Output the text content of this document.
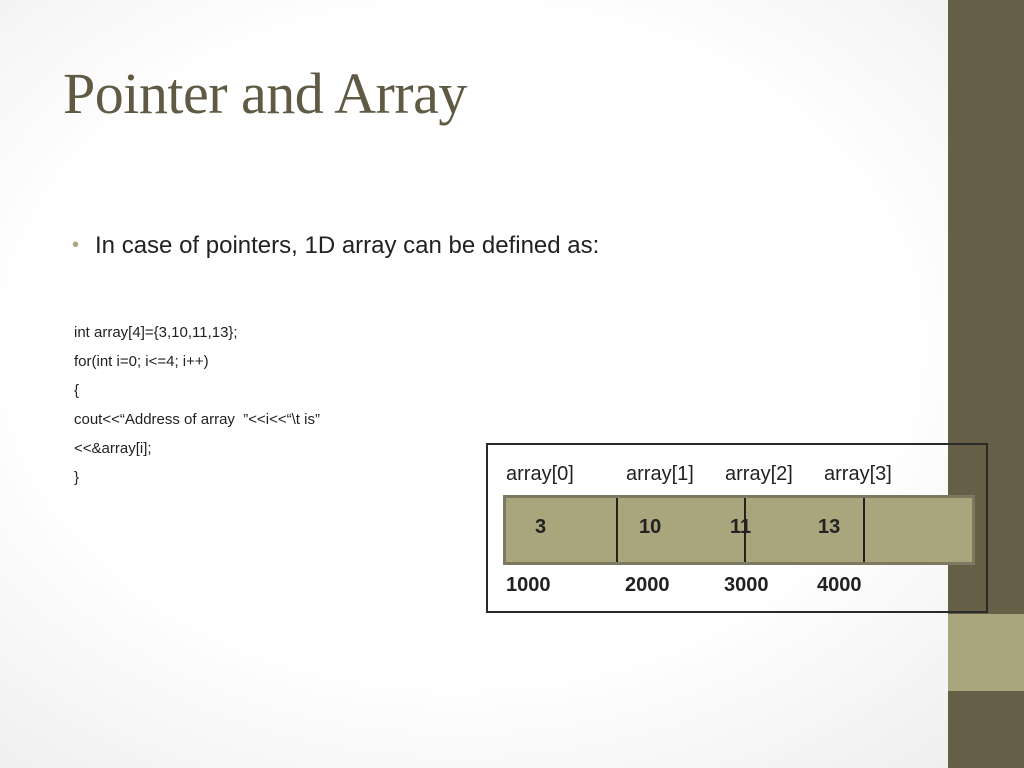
Pointer and Array
• In case of pointers, 1D array can be defined as:
int array[4]={3,10,11,13};
for(int i=0; i<=4; i++)
{
cout<<“Address of array  ”<<i<<“\t is”
<<&array[i];
}	array[0]	array[1] array[2] array[3]
3	10	11	13
1000	2000	3000 4000
